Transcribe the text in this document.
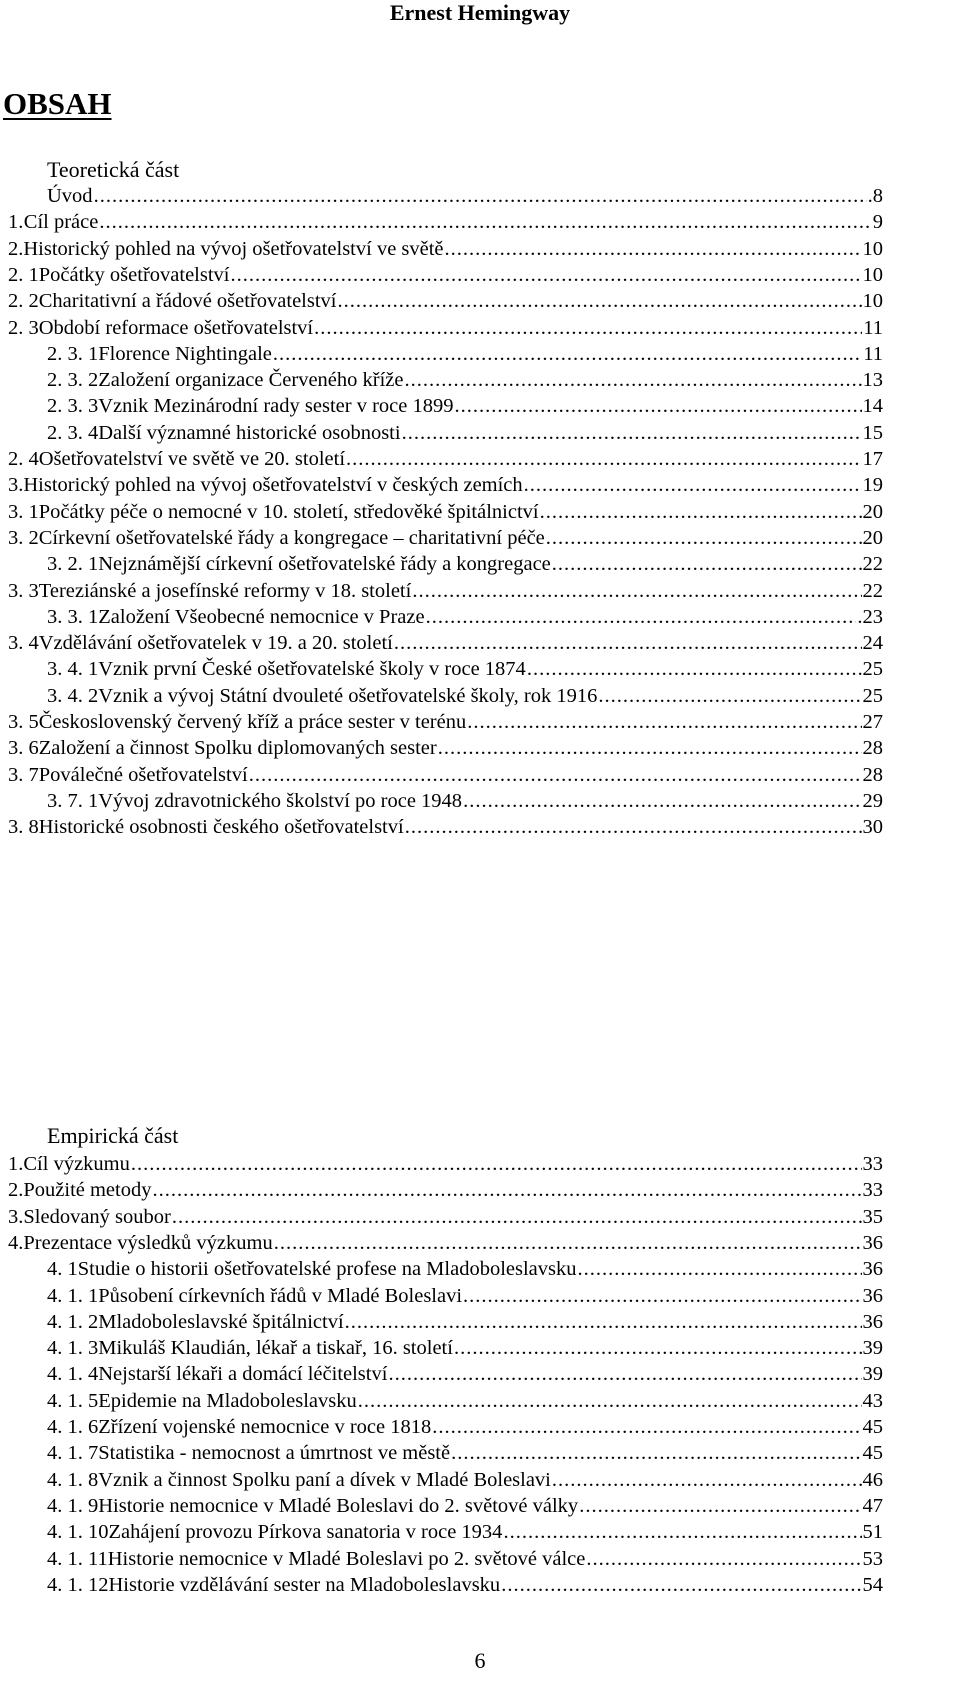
Ernest Hemingway
OBSAH
Teoretická část
Úvod .....	.8
1. Cíl práce .....	9
2. Historický pohled na vývoj ošetřovatelství ve světě .....	10
2. 1 Počátky ošetřovatelství .....	10
2. 2 Charitativní a řádové ošetřovatelství .....	10
2. 3 Období reformace ošetřovatelství .....	11
2. 3. 1 Florence Nightingale .....	11
2. 3. 2 Založení organizace Červeného kříže .....	13
2. 3. 3 Vznik Mezinárodní rady sester v roce 1899 .....	14
2. 3. 4 Další významné historické osobnosti .....	15
2. 4 Ošetřovatelství ve světě ve 20. století .....	17
3. Historický pohled na vývoj ošetřovatelství v českých zemích .....	19
3. 1 Počátky péče o nemocné v 10. století, středověké špitálnictví .....	20
3. 2 Církevní ošetřovatelské řády a kongregace – charitativní péče .....	20
3. 2. 1 Nejznámější církevní ošetřovatelské řády a kongregace .....	22
3. 3 Tereziánské a josefínské reformy v 18. století .....	22
3. 3. 1 Založení Všeobecné nemocnice v Praze .....	.23
3. 4 Vzdělávání ošetřovatelek v 19. a 20. století .....	24
3. 4. 1 Vznik první České ošetřovatelské školy v roce 1874 .....	25
3. 4. 2 Vznik a vývoj Státní dvouleté ošetřovatelské školy, rok 1916 .....	25
3. 5 Československý červený kříž a práce sester v terénu .....	27
3. 6 Založení a činnost Spolku diplomovaných sester .....	28
3. 7 Poválečné ošetřovatelství .....	28
3. 7. 1 Vývoj zdravotnického školství po roce 1948 .....	29
3. 8 Historické osobnosti českého ošetřovatelství .....	30
Empirická část
1. Cíl výzkumu .....	33
2. Použité metody .....	33
3. Sledovaný soubor .....	35
4. Prezentace výsledků výzkumu .....	36
4. 1 Studie o historii ošetřovatelské profese na Mladoboleslavsku .....	36
4. 1. 1 Působení církevních řádů v Mladé Boleslavi .....	36
4. 1. 2 Mladoboleslavské špitálnictví .....	36
4. 1. 3 Mikuláš Klaudián, lékař a tiskař, 16. století .....	39
4. 1. 4 Nejstarší lékaři a domácí léčitelství .....	39
4. 1. 5 Epidemie na Mladoboleslavsku .....	43
4. 1. 6 Zřízení vojenské nemocnice v roce 1818 .....	45
4. 1. 7 Statistika - nemocnost a úmrtnost ve městě .....	45
4. 1. 8 Vznik a činnost Spolku paní a dívek v Mladé Boleslavi .....	46
4. 1. 9 Historie nemocnice v Mladé Boleslavi do 2. světové války .....	47
4. 1. 10 Zahájení provozu Pírkova sanatoria v roce 1934 .....	51
4. 1. 11 Historie nemocnice v Mladé Boleslavi po 2. světové válce .....	53
4. 1. 12 Historie vzdělávání sester na Mladoboleslavsku .....	54
6
